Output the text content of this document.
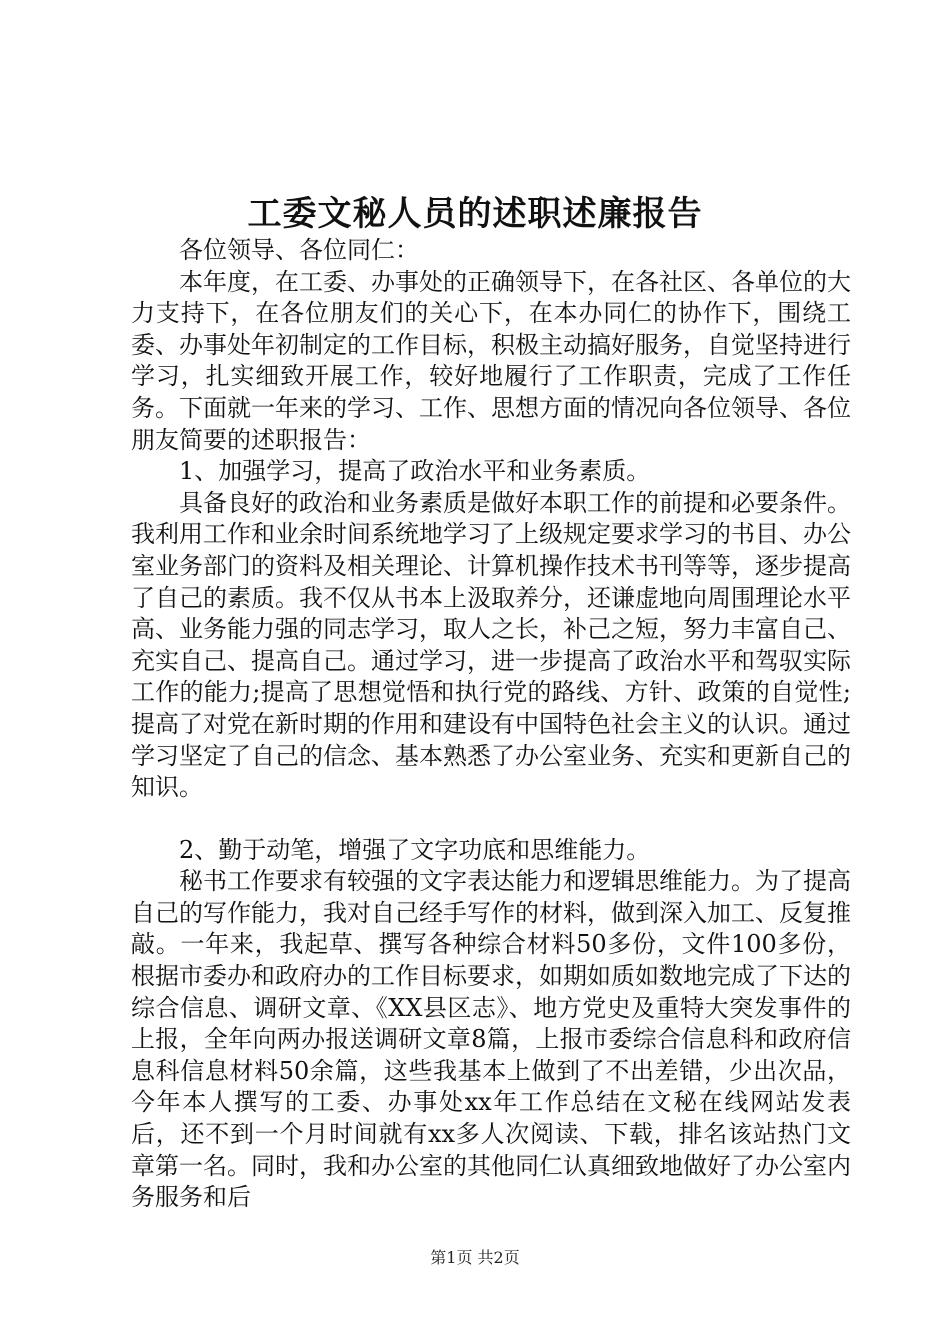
工委文秘人员的述职述廉报告

各位领导、各位同仁：

本年度，在工委、办事处的正确领导下，在各社区、各单位的大力支持下，在各位朋友们的关心下，在本办同仁的协作下，围绕工委、办事处年初制定的工作目标，积极主动搞好服务，自觉坚持进行学习，扎实细致开展工作，较好地履行了工作职责，完成了工作任务。下面就一年来的学习、工作、思想方面的情况向各位领导、各位朋友简要的述职报告：

1、加强学习，提高了政治水平和业务素质。

具备良好的政治和业务素质是做好本职工作的前提和必要条件。我利用工作和业余时间系统地学习了上级规定要求学习的书目、办公室业务部门的资料及相关理论、计算机操作技术书刊等等，逐步提高了自己的素质。我不仅从书本上汲取养分，还谦虚地向周围理论水平高、业务能力强的同志学习，取人之长，补己之短，努力丰富自己、充实自己、提高自己。通过学习，进一步提高了政治水平和驾驭实际工作的能力;提高了思想觉悟和执行党的路线、方针、政策的自觉性;提高了对党在新时期的作用和建设有中国特色社会主义的认识。通过学习坚定了自己的信念、基本熟悉了办公室业务、充实和更新自己的知识。

2、勤于动笔，增强了文字功底和思维能力。

秘书工作要求有较强的文字表达能力和逻辑思维能力。为了提高自己的写作能力，我对自己经手写作的材料，做到深入加工、反复推敲。一年来，我起草、撰写各种综合材料50多份，文件100多份，根据市委办和政府办的工作目标要求，如期如质如数地完成了下达的综合信息、调研文章、《XX县区志》、地方党史及重特大突发事件的上报，全年向两办报送调研文章8篇，上报市委综合信息科和政府信息科信息材料50余篇，这些我基本上做到了不出差错，少出次品，今年本人撰写的工委、办事处xx年工作总结在文秘在线网站发表后，还不到一个月时间就有xx多人次阅读、下载，排名该站热门文章第一名。同时，我和办公室的其他同仁认真细致地做好了办公室内务服务和后

第1页 共2页
